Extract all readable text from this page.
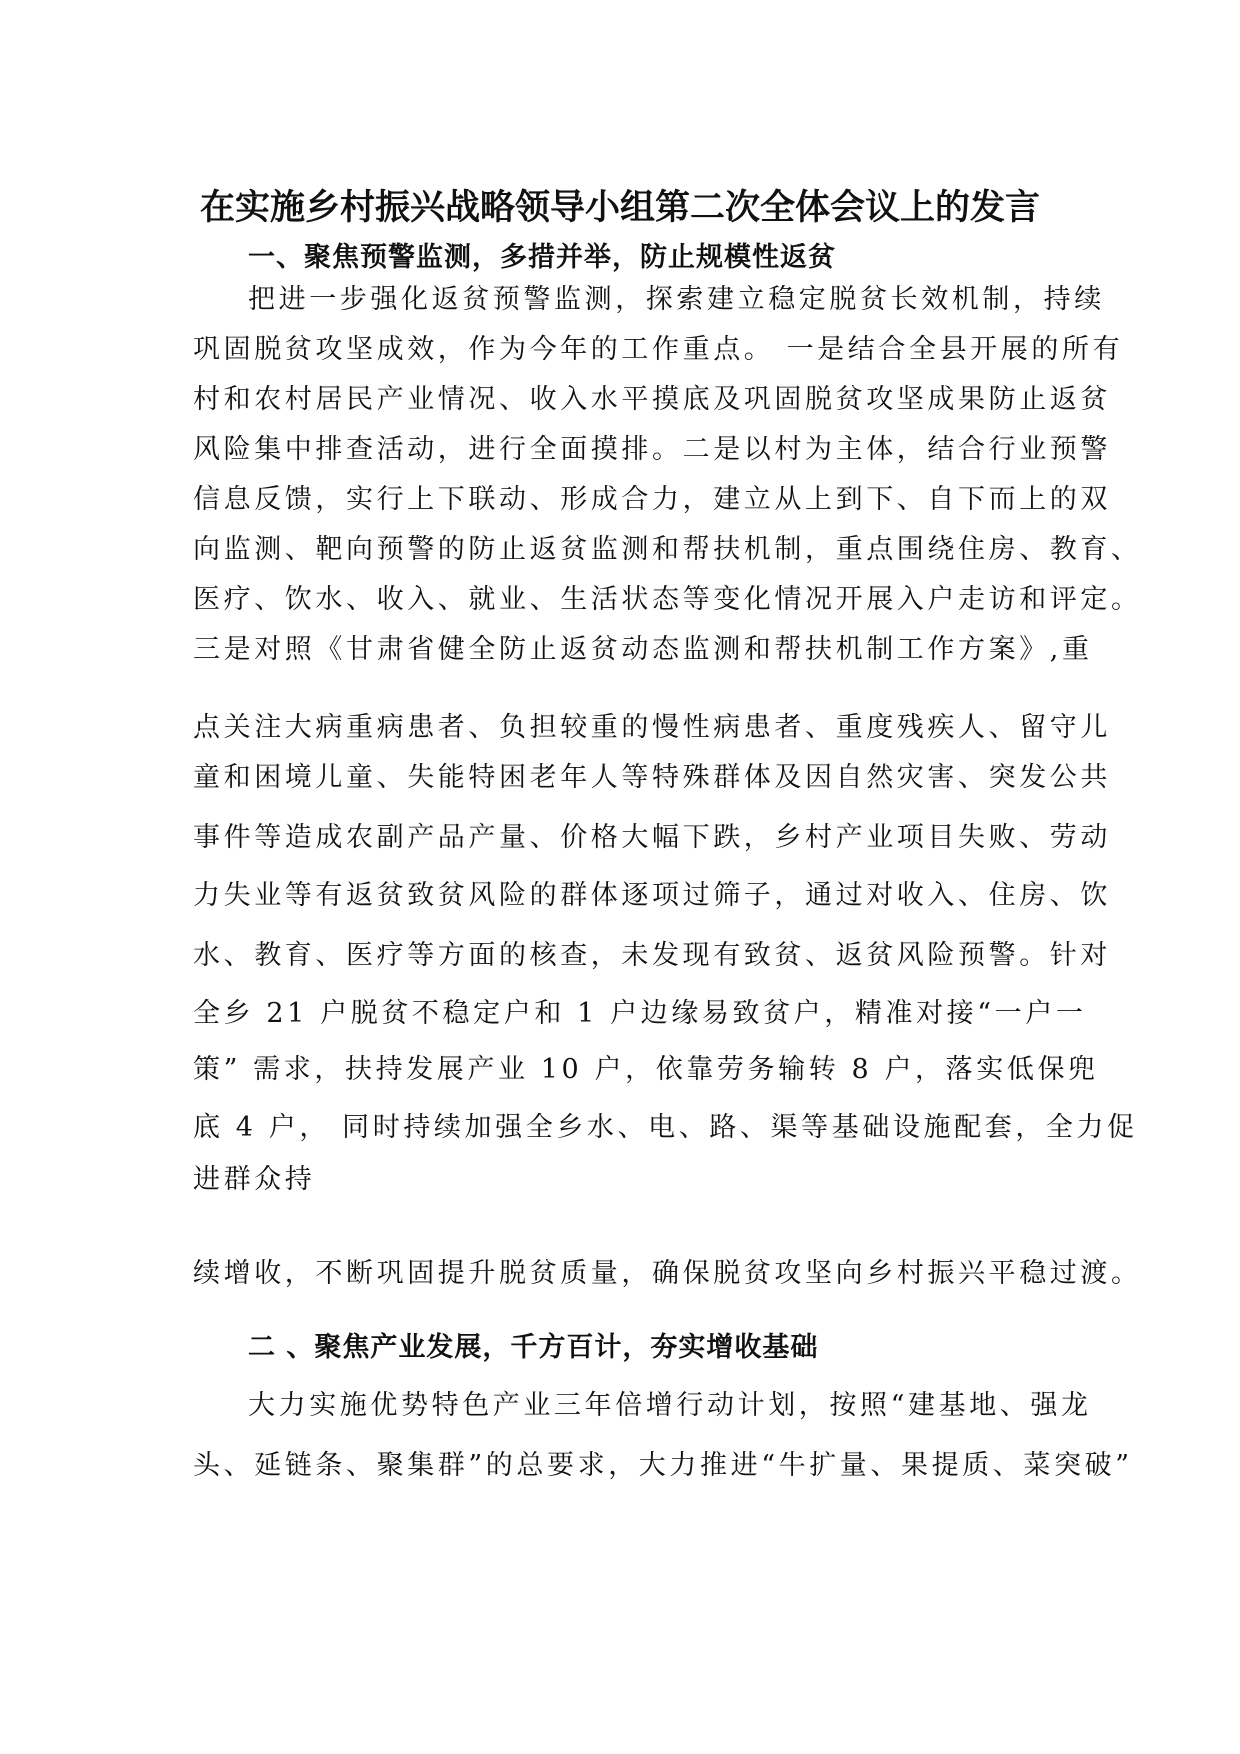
在实施乡村振兴战略领导小组第二次全体会议上的发言
一、聚焦预警监测，多措并举，防止规模性返贫
把进一步强化返贫预警监测，探索建立稳定脱贫长效机制，持续
巩固脱贫攻坚成效，作为今年的工作重点。 一是结合全县开展的所有
村和农村居民产业情况、收入水平摸底及巩固脱贫攻坚成果防止返贫
风险集中排查活动，进行全面摸排。二是以村为主体，结合行业预警
信息反馈，实行上下联动、形成合力，建立从上到下、自下而上的双
向监测、靶向预警的防止返贫监测和帮扶机制，重点围绕住房、教育、
医疗、饮水、收入、就业、生活状态等变化情况开展入户走访和评定。
三是对照《甘肃省健全防止返贫动态监测和帮扶机制工作方案》,重
点关注大病重病患者、负担较重的慢性病患者、重度残疾人、留守儿
童和困境儿童、失能特困老年人等特殊群体及因自然灾害、突发公共
事件等造成农副产品产量、价格大幅下跌，乡村产业项目失败、劳动
力失业等有返贫致贫风险的群体逐项过筛子，通过对收入、住房、饮
水、教育、医疗等方面的核查，未发现有致贫、返贫风险预警。针对
全乡 21 户脱贫不稳定户和 1 户边缘易致贫户，精准对接“一户一
策” 需求，扶持发展产业 10 户，依靠劳务输转 8 户，落实低保兜
底 4 户， 同时持续加强全乡水、电、路、渠等基础设施配套，全力促
进群众持
续增收，不断巩固提升脱贫质量，确保脱贫攻坚向乡村振兴平稳过渡。
二 、聚焦产业发展，千方百计，夯实增收基础
大力实施优势特色产业三年倍增行动计划，按照“建基地、强龙
头、延链条、聚集群”的总要求，大力推进“牛扩量、果提质、菜突破”
